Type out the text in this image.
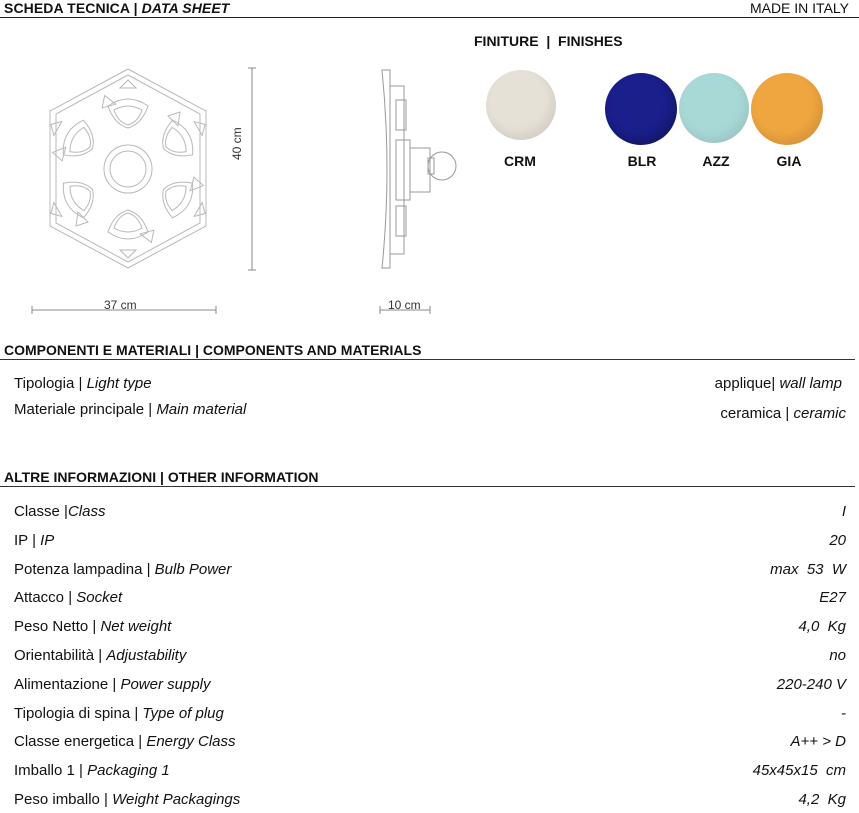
SCHEDA TECNICA | DATA SHEET	MADE IN ITALY
40 cm
37 cm	10 cm
FINITURE  |  FINISHES
CRM	BLR	AZZ	GIA
COMPONENTI E MATERIALI | COMPONENTS AND MATERIALS
Tipologia | Light type	applique| wall lamp
Materiale principale | Main material	ceramica | ceramic
ALTRE INFORMAZIONI | OTHER INFORMATION
Classe |Class	I
IP | IP	20
Potenza lampadina | Bulb Power	max  53  W
Attacco | Socket	E27
Peso Netto | Net weight	4,0  Kg
Orientabilità | Adjustability	no
Alimentazione | Power supply	220-240 V
Tipologia di spina | Type of plug	-
Classe energetica | Energy Class	A++ > D
Imballo 1 | Packaging 1	45x45x15  cm
Peso imballo | Weight Packagings	4,2  Kg
